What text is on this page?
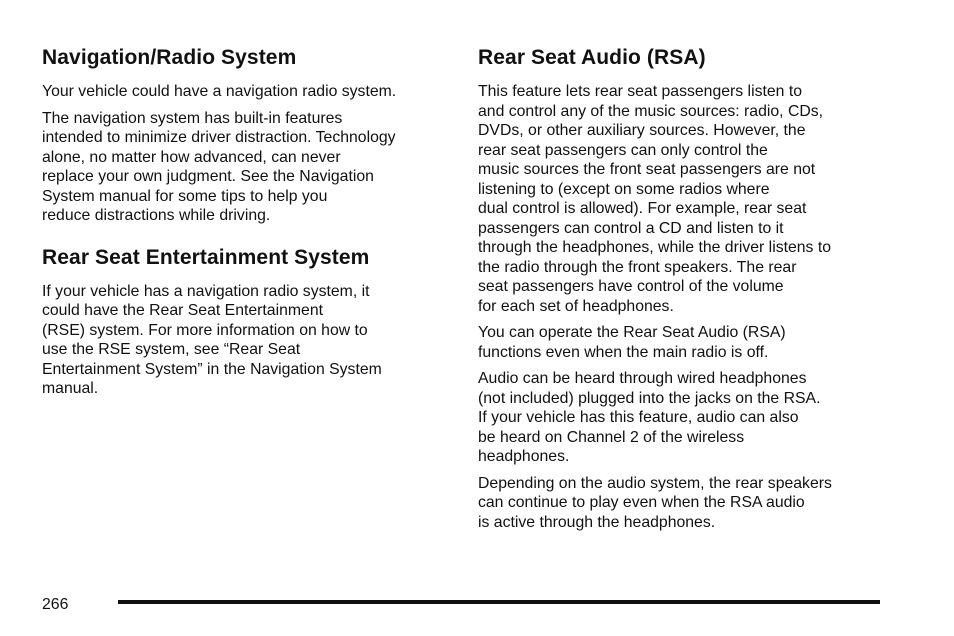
Navigation/Radio System

Your vehicle could have a navigation radio system.

The navigation system has built-in features
intended to minimize driver distraction. Technology
alone, no matter how advanced, can never
replace your own judgment. See the Navigation
System manual for some tips to help you
reduce distractions while driving.

Rear Seat Entertainment System

If your vehicle has a navigation radio system, it
could have the Rear Seat Entertainment
(RSE) system. For more information on how to
use the RSE system, see “Rear Seat
Entertainment System” in the Navigation System
manual.

Rear Seat Audio (RSA)

This feature lets rear seat passengers listen to
and control any of the music sources: radio, CDs,
DVDs, or other auxiliary sources. However, the
rear seat passengers can only control the
music sources the front seat passengers are not
listening to (except on some radios where
dual control is allowed). For example, rear seat
passengers can control a CD and listen to it
through the headphones, while the driver listens to
the radio through the front speakers. The rear
seat passengers have control of the volume
for each set of headphones.

You can operate the Rear Seat Audio (RSA)
functions even when the main radio is off.

Audio can be heard through wired headphones
(not included) plugged into the jacks on the RSA.
If your vehicle has this feature, audio can also
be heard on Channel 2 of the wireless
headphones.

Depending on the audio system, the rear speakers
can continue to play even when the RSA audio
is active through the headphones.

266
